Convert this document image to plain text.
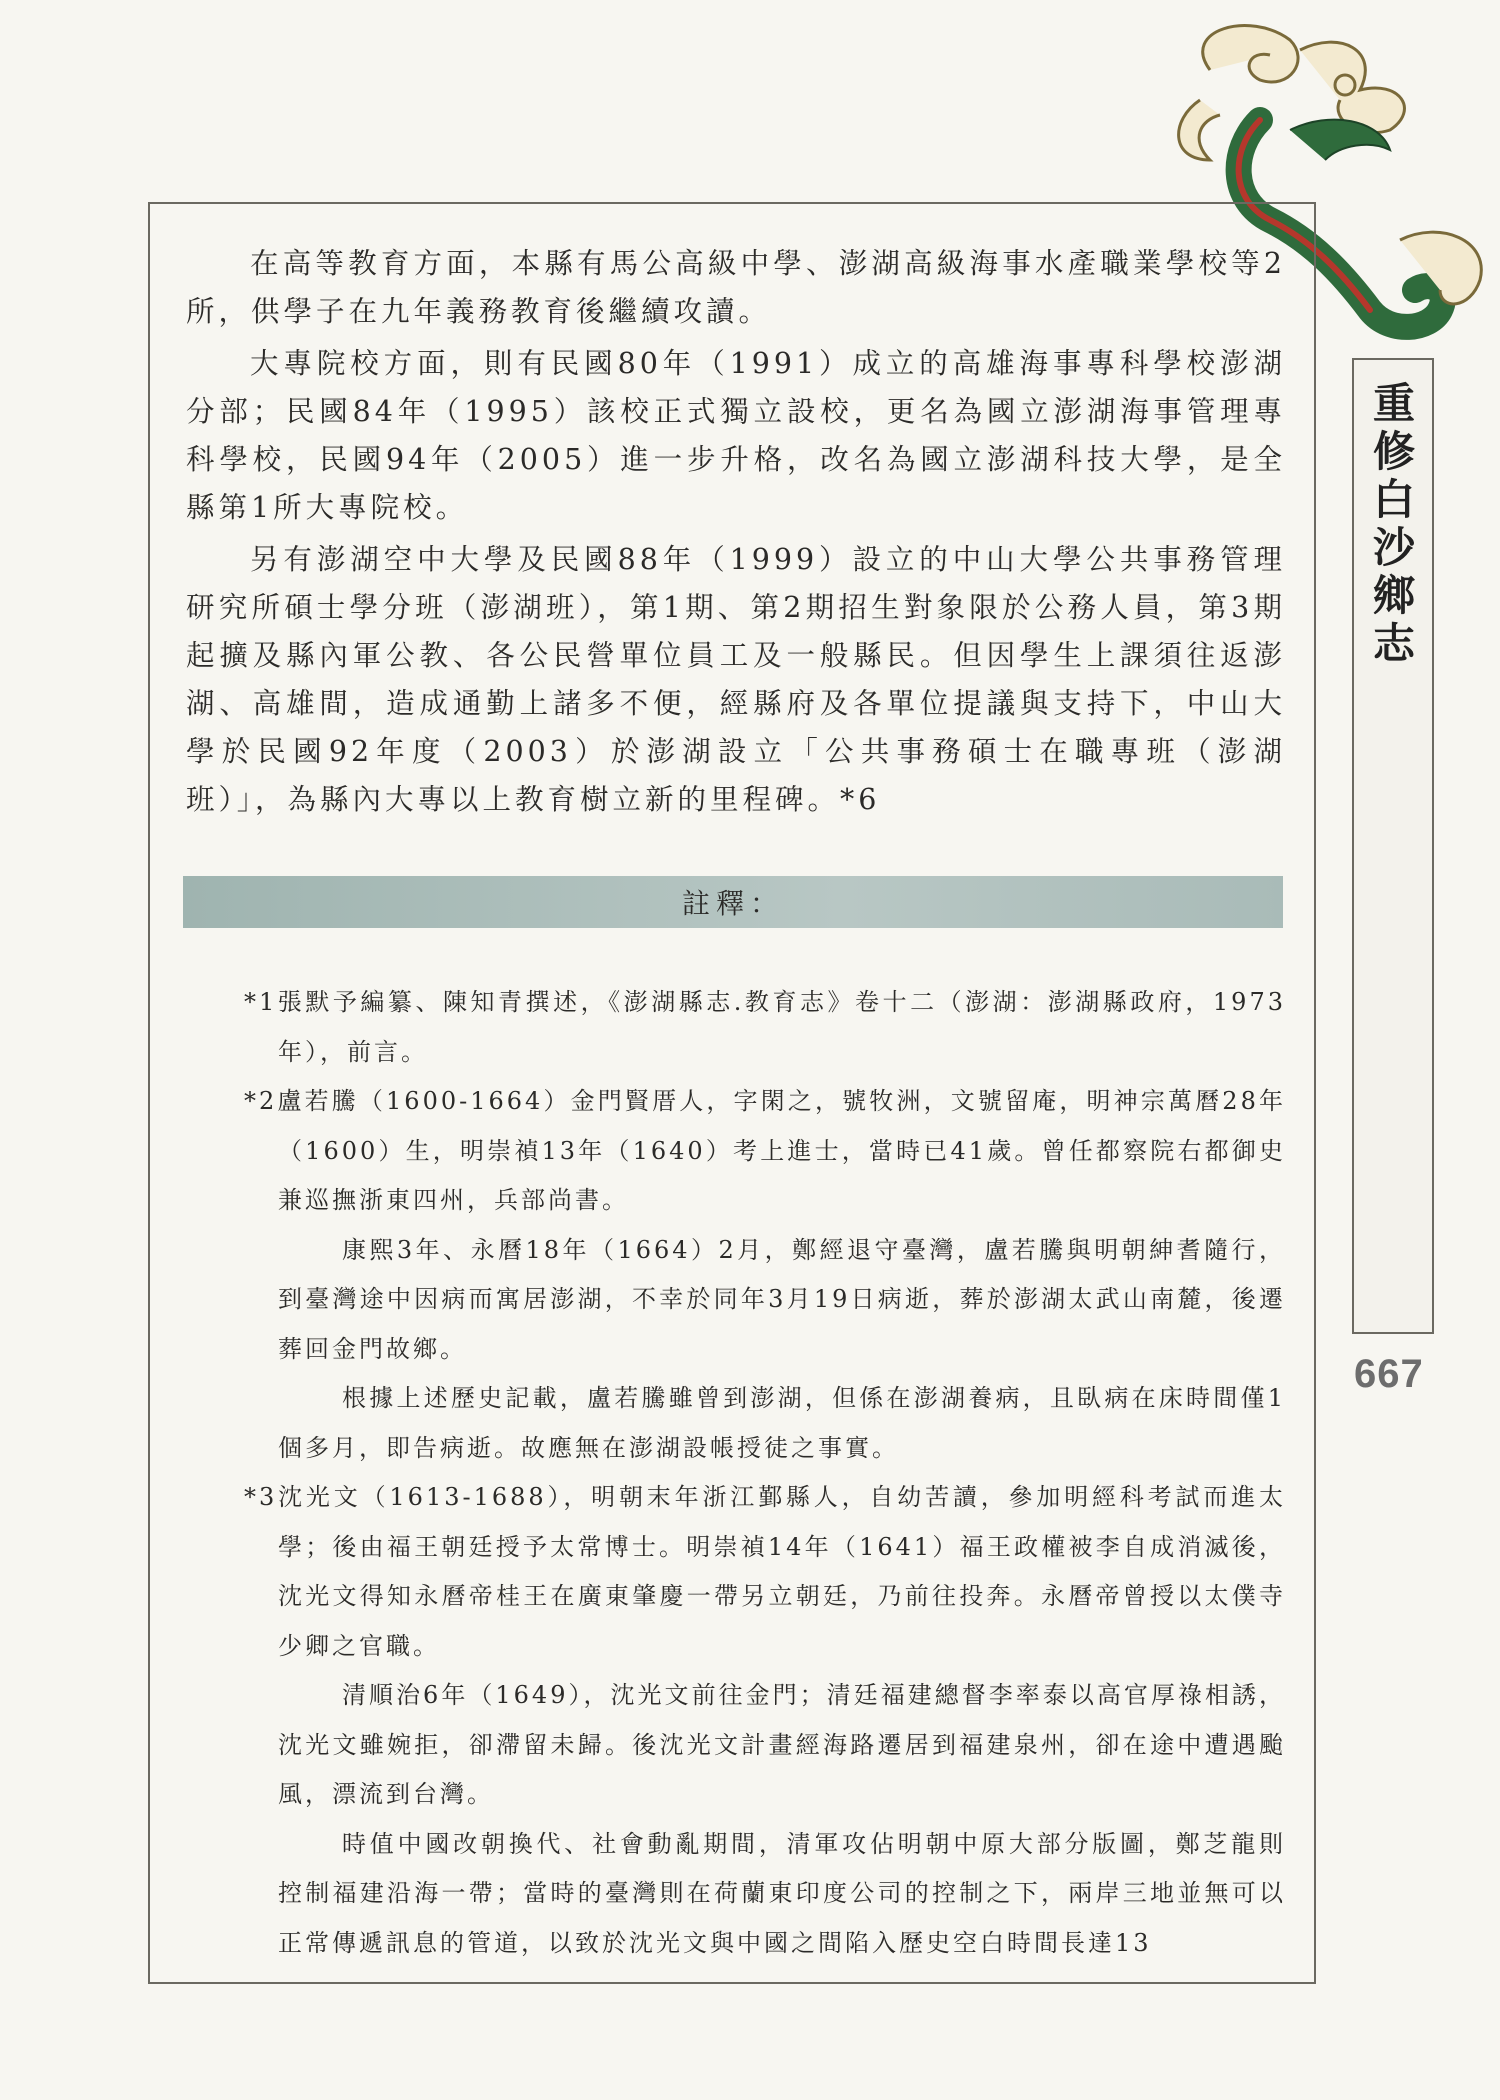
在高等教育方面，本縣有馬公高級中學、澎湖高級海事水產職業學校等2所，供學子在九年義務教育後繼續攻讀。

大專院校方面，則有民國80年（1991）成立的高雄海事專科學校澎湖分部；民國84年（1995）該校正式獨立設校，更名為國立澎湖海事管理專科學校，民國94年（2005）進一步升格，改名為國立澎湖科技大學，是全縣第1所大專院校。

另有澎湖空中大學及民國88年（1999）設立的中山大學公共事務管理研究所碩士學分班（澎湖班），第1期、第2期招生對象限於公務人員，第3期起擴及縣內軍公教、各公民營單位員工及一般縣民。但因學生上課須往返澎湖、高雄間，造成通勤上諸多不便，經縣府及各單位提議與支持下，中山大學於民國92年度（2003）於澎湖設立「公共事務碩士在職專班（澎湖班）」，為縣內大專以上教育樹立新的里程碑。*6

註釋：

*1張默予編纂、陳知青撰述，《澎湖縣志.教育志》卷十二（澎湖：澎湖縣政府，1973年），前言。

*2盧若騰（1600-1664）金門賢厝人，字閑之，號牧洲，文號留庵，明神宗萬曆28年（1600）生，明崇禎13年（1640）考上進士，當時已41歲。曾任都察院右都御史兼巡撫浙東四州，兵部尚書。

康熙3年、永曆18年（1664）2月，鄭經退守臺灣，盧若騰與明朝紳耆隨行，到臺灣途中因病而寓居澎湖，不幸於同年3月19日病逝，葬於澎湖太武山南麓，後遷葬回金門故鄉。

根據上述歷史記載，盧若騰雖曾到澎湖，但係在澎湖養病，且臥病在床時間僅1個多月，即告病逝。故應無在澎湖設帳授徒之事實。

*3沈光文（1613-1688），明朝末年浙江鄞縣人，自幼苦讀，參加明經科考試而進太學；後由福王朝廷授予太常博士。明崇禎14年（1641）福王政權被李自成消滅後，沈光文得知永曆帝桂王在廣東肇慶一帶另立朝廷，乃前往投奔。永曆帝曾授以太僕寺少卿之官職。

清順治6年（1649），沈光文前往金門；清廷福建總督李率泰以高官厚祿相誘，沈光文雖婉拒，卻滯留未歸。後沈光文計畫經海路遷居到福建泉州，卻在途中遭遇颱風，漂流到台灣。

時值中國改朝換代、社會動亂期間，清軍攻佔明朝中原大部分版圖，鄭芝龍則控制福建沿海一帶；當時的臺灣則在荷蘭東印度公司的控制之下，兩岸三地並無可以正常傳遞訊息的管道，以致於沈光文與中國之間陷入歷史空白時間長達13

重修白沙鄉志
667
